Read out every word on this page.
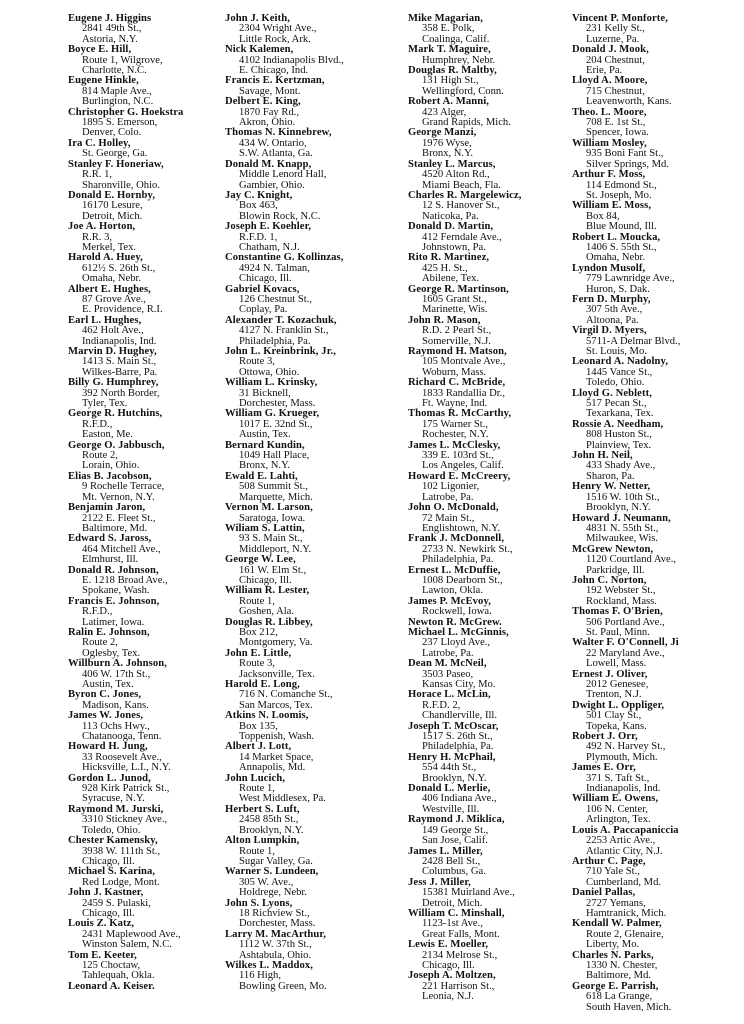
Eugene J. Higgins
2841 49th St.,
Astoria, N.Y.
Boyce E. Hill,
Route 1, Wilgrove,
Charlotte, N.C.
Eugene Hinkle,
814 Maple Ave.,
Burlington, N.C.
Christopher G. Hoekstra
1895 S. Emerson,
Denver, Colo.
Ira C. Holley,
St. George, Ga.
Stanley F. Honeriaw,
R.R. 1,
Sharonville, Ohio.
Donald E. Hornby,
16170 Lesure,
Detroit, Mich.
Joe A. Horton,
R.R. 3,
Merkel, Tex.
Harold A. Huey,
612½ S. 26th St.,
Omaha, Nebr.
Albert E. Hughes,
87 Grove Ave.,
E. Providence, R.I.
Earl L. Hughes,
462 Holt Ave.,
Indianapolis, Ind.
Marvin D. Hughey,
1413 S. Main St.,
Wilkes-Barre, Pa.
Billy G. Humphrey,
392 North Border,
Tyler, Tex.
George R. Hutchins,
R.F.D.,
Easton, Me.
George O. Jabbusch,
Route 2,
Lorain, Ohio.
Elias B. Jacobson,
9 Rochelle Terrace,
Mt. Vernon, N.Y.
Benjamin Jaron,
2122 E. Fleet St.,
Baltimore, Md.
Edward S. Jaross,
464 Mitchell Ave.,
Elmhurst, Ill.
Donald R. Johnson,
E. 1218 Broad Ave.,
Spokane, Wash.
Francis E. Johnson,
R.F.D.,
Latimer, Iowa.
Ralin E. Johnson,
Route 2,
Oglesby, Tex.
Willburn A. Johnson,
406 W. 17th St.,
Austin, Tex.
Byron C. Jones,
Madison, Kans.
James W. Jones,
113 Ochs Hwy.,
Chatanooga, Tenn.
Howard H. Jung,
33 Roosevelt Ave.,
Hicksville, L.I., N.Y.
Gordon L. Junod,
928 Kirk Patrick St.,
Syracuse, N.Y.
Raymond M. Jurski,
3310 Stickney Ave.,
Toledo, Ohio.
Chester Kamensky,
3938 W. 111th St.,
Chicago, Ill.
Michael S. Karina,
Red Lodge, Mont.
John J. Kastner,
2459 S. Pulaski,
Chicago, Ill.
Louis Z. Katz,
2431 Maplewood Ave.,
Winston Salem, N.C.
Tom E. Keeter,
125 Choctaw,
Tahlequah, Okla.
Leonard A. Keiser.
John J. Keith,
2304 Wright Ave.,
Little Rock, Ark.
Nick Kalemen,
4102 Indianapolis Blvd.,
E. Chicago, Ind.
Francis E. Kertzman,
Savage, Mont.
Delbert E. King,
1870 Fay Rd.,
Akron, Ohio.
Thomas N. Kinnebrew,
434 W. Ontario,
S.W. Atlanta, Ga.
Donald M. Knapp,
Middle Lenord Hall,
Gambier, Ohio.
Jay C. Knight,
Box 463,
Blowin Rock, N.C.
Joseph E. Koehler,
R.F.D. 1,
Chatham, N.J.
Constantine G. Kollinzas,
4924 N. Talman,
Chicago, Ill.
Gabriel Kovacs,
126 Chestnut St.,
Coplay, Pa.
Alexander T. Kozachuk,
4127 N. Franklin St.,
Philadelphia, Pa.
John L. Kreinbrink, Jr.,
Route 3,
Ottowa, Ohio.
William L. Krinsky,
31 Bicknell,
Dorchester, Mass.
William G. Krueger,
1017 E. 32nd St.,
Austin, Tex.
Bernard Kundin,
1049 Hall Place,
Bronx, N.Y.
Ewald E. Lahti,
508 Summit St.,
Marquette, Mich.
Vernon M. Larson,
Saratoga, Iowa.
Wiliam S. Lattin,
93 S. Main St.,
Middleport, N.Y.
George W. Lee,
161 W. Elm St.,
Chicago, Ill.
William R. Lester,
Route 1,
Goshen, Ala.
Douglas R. Libbey,
Box 212,
Montgomery, Va.
John E. Little,
Route 3,
Jacksonville, Tex.
Harold E. Long,
716 N. Comanche St.,
San Marcos, Tex.
Atkins N. Loomis,
Box 135,
Toppenish, Wash.
Albert J. Lott,
14 Market Space,
Annapolis, Md.
John Lucich,
Route 1,
West Middlesex, Pa.
Herbert S. Luft,
2458 85th St.,
Brooklyn, N.Y.
Alton Lumpkin,
Route 1,
Sugar Valley, Ga.
Warner S. Lundeen,
305 W. Ave.,
Holdrege, Nebr.
John S. Lyons,
18 Richview St.,
Dorchester, Mass.
Larry M. MacArthur,
1112 W. 37th St.,
Ashtabula, Ohio.
Wilkes L. Maddox,
116 High,
Bowling Green, Mo.
Mike Magarian,
358 E. Polk,
Coalinga, Calif.
Mark T. Maguire,
Humphrey, Nebr.
Douglas R. Maltby,
131 High St.,
Wellingford, Conn.
Robert A. Manni,
423 Alger,
Grand Rapids, Mich.
George Manzi,
1976 Wyse,
Bronx, N.Y.
Stanley L. Marcus,
4520 Alton Rd.,
Miami Beach, Fla.
Charles R. Margelewicz,
12 S. Hanover St.,
Naticoka, Pa.
Donald D. Martin,
412 Ferndale Ave.,
Johnstown, Pa.
Rito R. Martinez,
425 H. St.,
Abilene, Tex.
George R. Martinson,
1605 Grant St.,
Marinette, Wis.
John R. Mason,
R.D. 2 Pearl St.,
Somerville, N.J.
Raymond H. Matson,
105 Montvale Ave.,
Woburn, Mass.
Richard C. McBride,
1833 Randallia Dr.,
Ft. Wayne, Ind.
Thomas R. McCarthy,
175 Warner St.,
Rochester, N.Y.
James L. McClesky,
339 E. 103rd St.,
Los Angeles, Calif.
Howard E. McCreery,
102 Ligonier,
Latrobe, Pa.
John O. McDonald,
72 Main St.,
Englishtown, N.Y.
Frank J. McDonnell,
2733 N. Newkirk St.,
Philadelphia, Pa.
Ernest L. McDuffie,
1008 Dearborn St.,
Lawton, Okla.
James P. McEvoy,
Rockwell, Iowa.
Newton R. McGrew.
Michael L. McGinnis,
237 Lloyd Ave.,
Latrobe, Pa.
Dean M. McNeil,
3503 Paseo,
Kansas City, Mo.
Horace L. McLin,
R.F.D. 2,
Chandlerville, Ill.
Joseph T. McOscar,
1517 S. 26th St.,
Philadelphia, Pa.
Henry H. McPhail,
554 44th St.,
Brooklyn, N.Y.
Donald L. Merlie,
406 Indiana Ave.,
Westville, Ill.
Raymond J. Miklica,
149 George St.,
San Jose, Calif.
James L. Miller,
2428 Bell St.,
Columbus, Ga.
Jess J. Miller,
15381 Muirland Ave.,
Detroit, Mich.
William C. Minshall,
1123-1st Ave.,
Great Falls, Mont.
Lewis E. Moeller,
2134 Melrose St.,
Chicago, Ill.
Joseph A. Moltzen,
221 Harrison St.,
Leonia, N.J.
Vincent P. Monforte,
231 Kelly St.,
Luzerne, Pa.
Donald J. Mook,
204 Chestnut,
Erie, Pa.
Lloyd A. Moore,
715 Chestnut,
Leavenworth, Kans.
Theo. L. Moore,
708 E. 1st St.,
Spencer, Iowa.
William Mosley,
935 Boni Fant St.,
Silver Springs, Md.
Arthur F. Moss,
114 Edmond St.,
St. Joseph, Mo.
William E. Moss,
Box 84,
Blue Mound, Ill.
Robert L. Moucka,
1406 S. 55th St.,
Omaha, Nebr.
Lyndon Musolf,
779 Lawnridge Ave.,
Huron, S. Dak.
Fern D. Murphy,
307 5th Ave.,
Altoona, Pa.
Virgil D. Myers,
5711-A Delmar Blvd.,
St. Louis, Mo.
Leonard A. Nadolny,
1445 Vance St.,
Toledo, Ohio.
Lloyd G. Neblett,
517 Pecan St.,
Texarkana, Tex.
Rossie A. Needham,
808 Huston St.,
Plainview, Tex.
John H. Neil,
433 Shady Ave.,
Sharon, Pa.
Henry W. Netter,
1516 W. 10th St.,
Brooklyn, N.Y.
Howard J. Neumann,
4831 N. 55th St.,
Milwaukee, Wis.
McGrew Newton,
1120 Courtland Ave.,
Parkridge, Ill.
John C. Norton,
192 Webster St.,
Rockland, Mass.
Thomas F. O'Brien,
506 Portland Ave.,
St. Paul, Minn.
Walter F. O'Connell, Ji
22 Maryland Ave.,
Lowell, Mass.
Ernest J. Oliver,
2012 Genesee,
Trenton, N.J.
Dwight L. Oppliger,
501 Clay St.,
Topeka, Kans.
Robert J. Orr,
492 N. Harvey St.,
Plymouth, Mich.
James E. Orr,
371 S. Taft St.,
Indianapolis, Ind.
William E. Owens,
106 N. Center,
Arlington, Tex.
Louis A. Paccapaniccia
2253 Artic Ave.,
Atlantic City, N.J.
Arthur C. Page,
710 Yale St.,
Cumberland, Md.
Daniel Pallas,
2727 Yemans,
Hamtranick, Mich.
Kendall W. Palmer,
Route 2, Glenaire,
Liberty, Mo.
Charles N. Parks,
1330 N. Chester,
Baltimore, Md.
George E. Parrish,
618 La Grange,
South Haven, Mich.
